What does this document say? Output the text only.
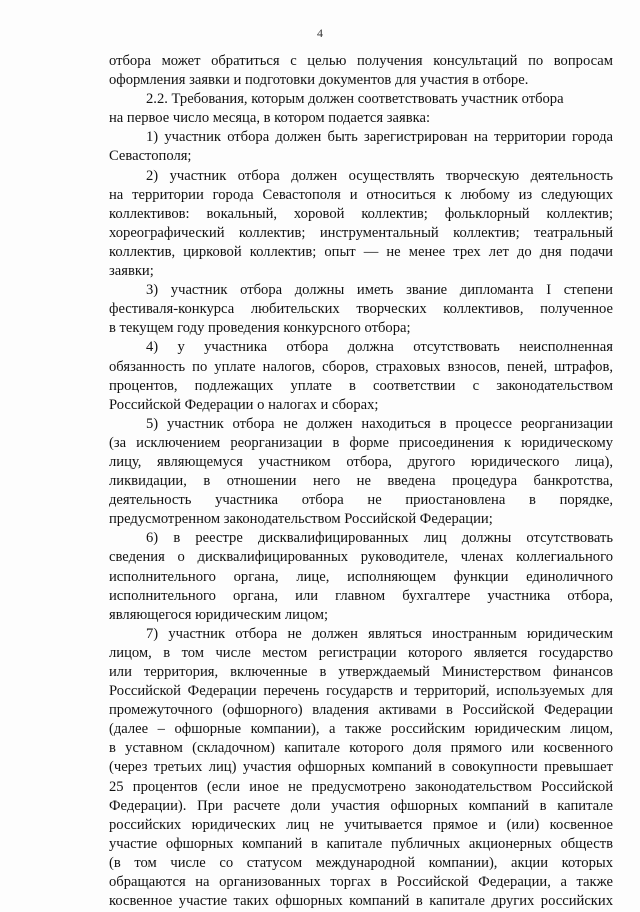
4
отбора может обратиться с целью получения консультаций по вопросам
оформления заявки и подготовки документов для участия в отборе.
2.2. Требования, которым должен соответствовать участник отбора
на первое число месяца, в котором подается заявка:
1) участник отбора должен быть зарегистрирован на территории города
Севастополя;
2) участник отбора должен осуществлять творческую деятельность
на территории города Севастополя и относиться к любому из следующих
коллективов: вокальный, хоровой коллектив; фольклорный коллектив;
хореографический коллектив; инструментальный коллектив; театральный
коллектив, цирковой коллектив; опыт — не менее трех лет до дня подачи
заявки;
3) участник отбора должны иметь звание дипломанта I степени
фестиваля-конкурса любительских творческих коллективов, полученное
в текущем году проведения конкурсного отбора;
4) у участника отбора должна отсутствовать неисполненная
обязанность по уплате налогов, сборов, страховых взносов, пеней, штрафов,
процентов, подлежащих уплате в соответствии с законодательством
Российской Федерации о налогах и сборах;
5) участник отбора не должен находиться в процессе реорганизации
(за исключением реорганизации в форме присоединения к юридическому
лицу, являющемуся участником отбора, другого юридического лица),
ликвидации, в отношении него не введена процедура банкротства,
деятельность участника отбора не приостановлена в порядке,
предусмотренном законодательством Российской Федерации;
6) в реестре дисквалифицированных лиц должны отсутствовать
сведения о дисквалифицированных руководителе, членах коллегиального
исполнительного органа, лице, исполняющем функции единоличного
исполнительного органа, или главном бухгалтере участника отбора,
являющегося юридическим лицом;
7) участник отбора не должен являться иностранным юридическим
лицом, в том числе местом регистрации которого является государство
или территория, включенные в утверждаемый Министерством финансов
Российской Федерации перечень государств и территорий, используемых для
промежуточного (офшорного) владения активами в Российской Федерации
(далее – офшорные компании), а также российским юридическим лицом,
в уставном (складочном) капитале которого доля прямого или косвенного
(через третьих лиц) участия офшорных компаний в совокупности превышает
25 процентов (если иное не предусмотрено законодательством Российской
Федерации). При расчете доли участия офшорных компаний в капитале
российских юридических лиц не учитывается прямое и (или) косвенное
участие офшорных компаний в капитале публичных акционерных обществ
(в том числе со статусом международной компании), акции которых
обращаются на организованных торгах в Российской Федерации, а также
косвенное участие таких офшорных компаний в капитале других российских
